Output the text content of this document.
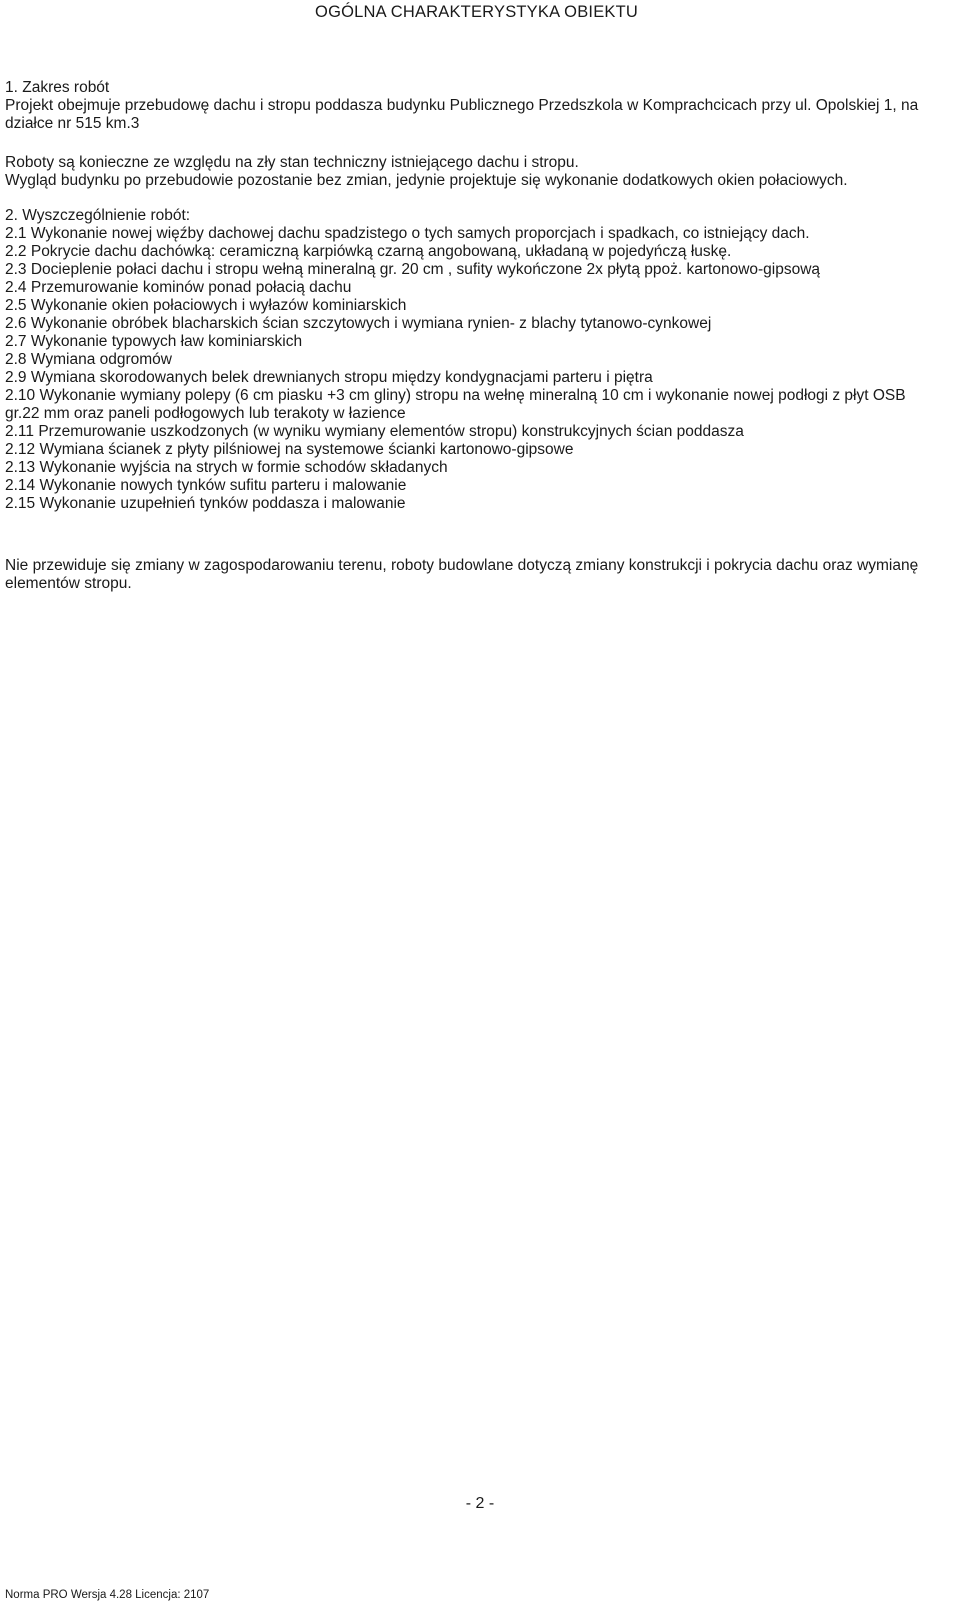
OGÓLNA CHARAKTERYSTYKA OBIEKTU
1. Zakres robót
Projekt obejmuje przebudowę dachu i stropu poddasza budynku Publicznego Przedszkola w Komprachcicach przy ul. Opolskiej 1, na działce nr 515 km.3
Roboty są konieczne ze względu na zły stan techniczny istniejącego dachu i stropu.
Wygląd budynku po przebudowie pozostanie bez zmian, jedynie projektuje się wykonanie dodatkowych okien połaciowych.
2. Wyszczególnienie robót:
2.1 Wykonanie nowej więźby dachowej dachu spadzistego o tych samych proporcjach i spadkach, co istniejący dach.
2.2 Pokrycie dachu dachówką: ceramiczną karpiówką czarną angobowaną, układaną w pojedyńczą łuskę.
2.3 Docieplenie połaci dachu i stropu wełną mineralną gr. 20 cm , sufity wykończone 2x płytą ppoż. kartonowo-gipsową
2.4 Przemurowanie kominów ponad połacią dachu
2.5 Wykonanie okien połaciowych i wyłazów kominiarskich
2.6 Wykonanie obróbek blacharskich ścian szczytowych i wymiana rynien- z blachy tytanowo-cynkowej
2.7 Wykonanie typowych ław kominiarskich
2.8 Wymiana odgromów
2.9 Wymiana skorodowanych belek drewnianych stropu między kondygnacjami parteru i piętra
2.10 Wykonanie wymiany polepy (6 cm piasku +3 cm gliny) stropu na wełnę mineralną 10 cm i wykonanie nowej podłogi z płyt OSB gr.22 mm oraz paneli podłogowych lub terakoty w łazience
2.11 Przemurowanie uszkodzonych (w wyniku wymiany elementów stropu) konstrukcyjnych ścian poddasza
2.12 Wymiana ścianek z płyty pilśniowej na systemowe ścianki kartonowo-gipsowe
2.13 Wykonanie wyjścia na strych w formie schodów składanych
2.14 Wykonanie nowych tynków sufitu parteru i malowanie
2.15 Wykonanie uzupełnień tynków poddasza i malowanie
Nie przewiduje się zmiany w zagospodarowaniu terenu, roboty budowlane dotyczą zmiany konstrukcji i pokrycia dachu oraz wymianę elementów stropu.
- 2 -
Norma PRO Wersja 4.28 Licencja: 2107
